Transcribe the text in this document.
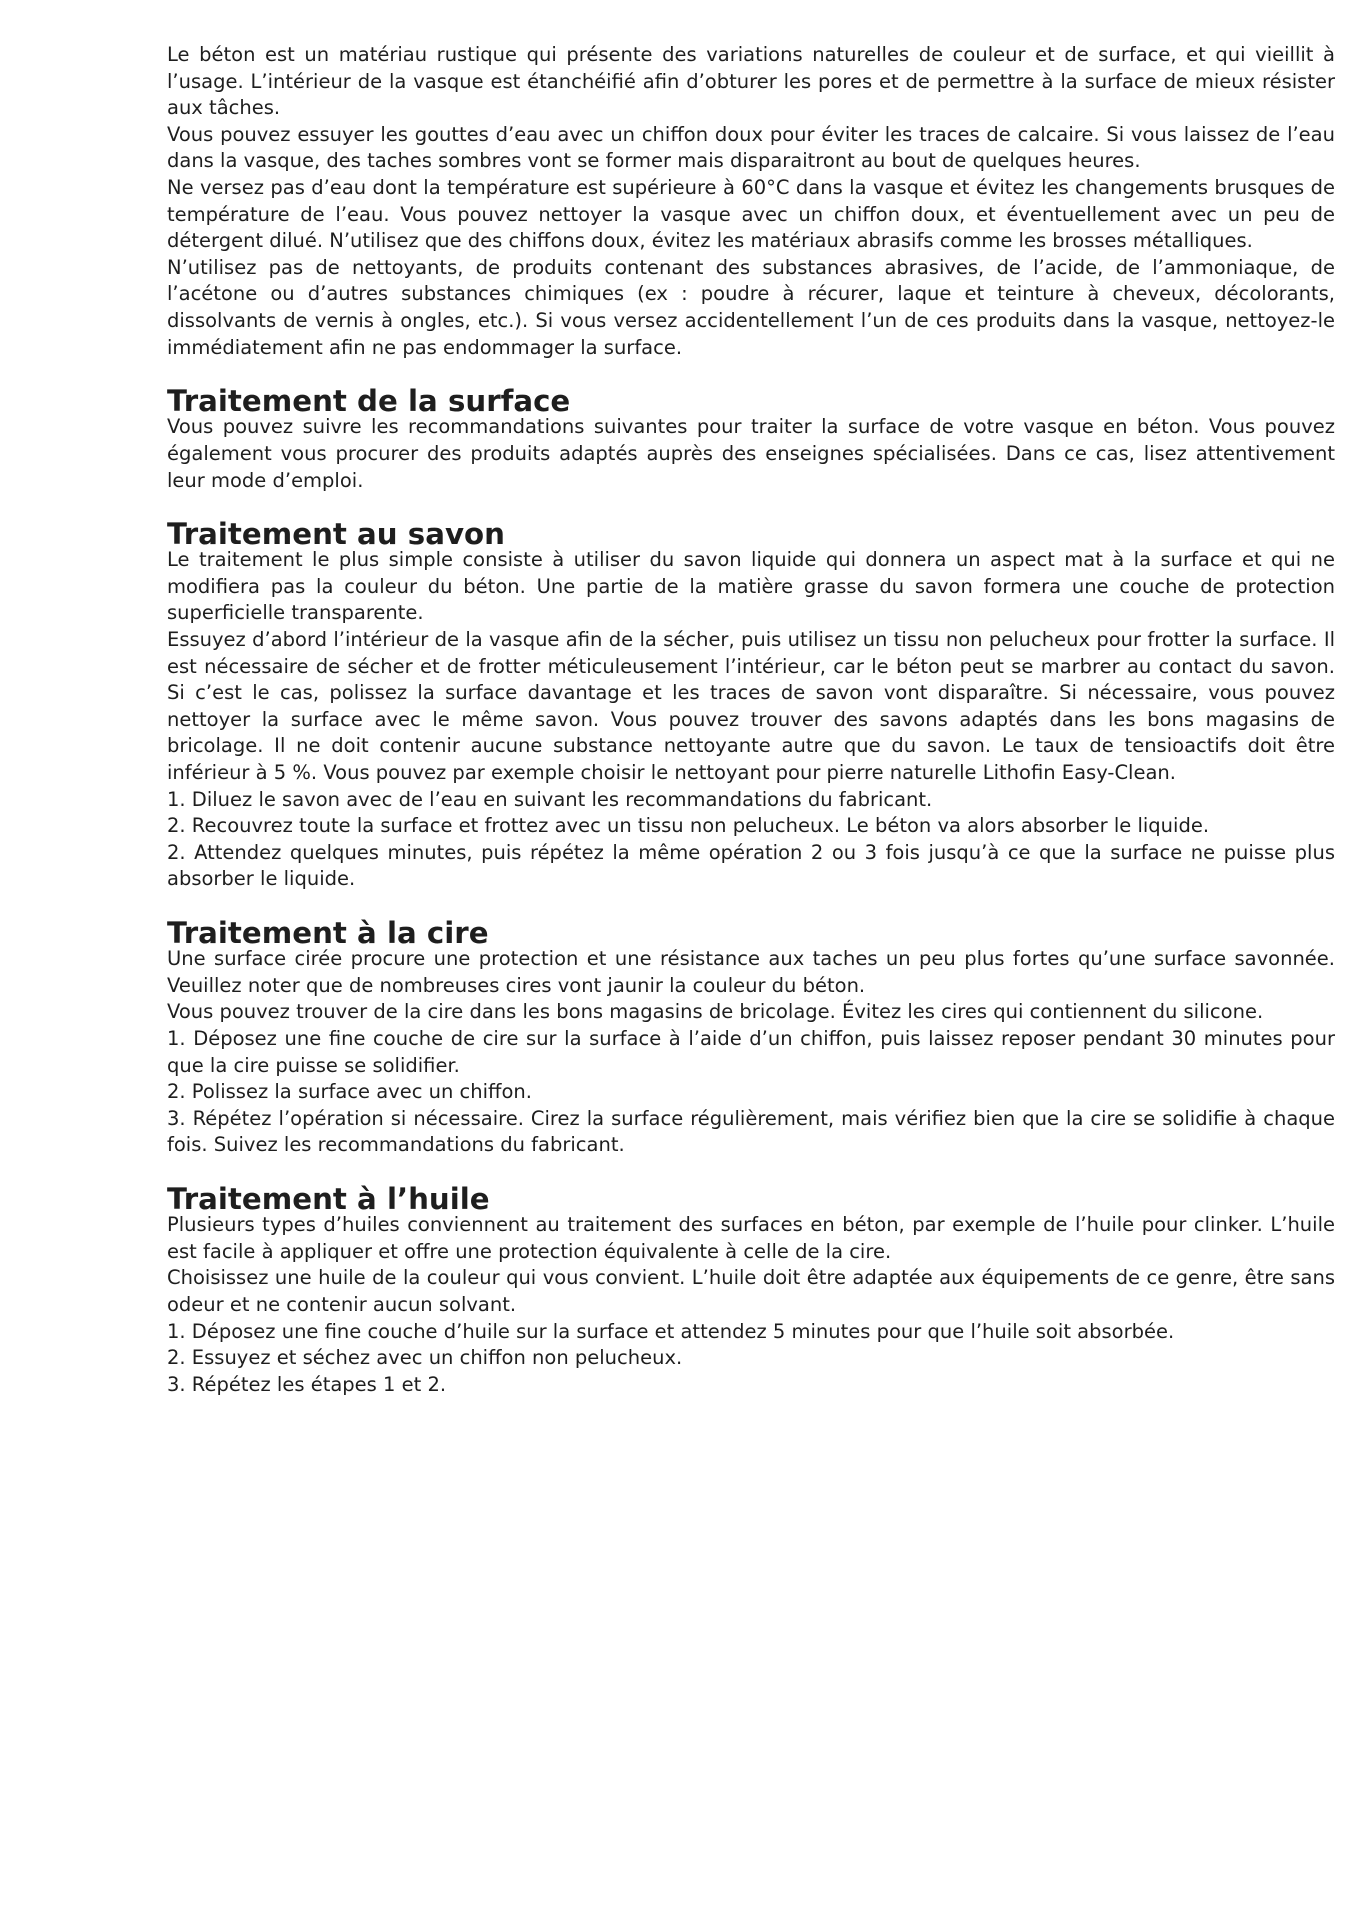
Le béton est un matériau rustique qui présente des variations naturelles de couleur et de surface, et qui vieillit à l’usage. L’intérieur de la vasque est étanchéifié afin d’obturer les pores et de permettre à la surface de mieux résister aux tâches.

Vous pouvez essuyer les gouttes d’eau avec un chiffon doux pour éviter les traces de calcaire. Si vous laissez de l’eau dans la vasque, des taches sombres vont se former mais disparaitront au bout de quelques heures.

Ne versez pas d’eau dont la température est supérieure à 60°C dans la vasque et évitez les changements brusques de température de l’eau. Vous pouvez nettoyer la vasque avec un chiffon doux, et éventuellement avec un peu de détergent dilué. N’utilisez que des chiffons doux, évitez les matériaux abrasifs comme les brosses métalliques.

N’utilisez pas de nettoyants, de produits contenant des substances abrasives, de l’acide, de l’ammoniaque, de l’acétone ou d’autres substances chimiques (ex : poudre à récurer, laque et teinture à cheveux, décolorants, dissolvants de vernis à ongles, etc.). Si vous versez accidentellement l’un de ces produits dans la vasque, nettoyez-le immédiatement afin ne pas endommager la surface.

Traitement de la surface

Vous pouvez suivre les recommandations suivantes pour traiter la surface de votre vasque en béton. Vous pouvez également vous procurer des produits adaptés auprès des enseignes spécialisées. Dans ce cas, lisez attentivement leur mode d’emploi.

Traitement au savon

Le traitement le plus simple consiste à utiliser du savon liquide qui donnera un aspect mat à la surface et qui ne modifiera pas la couleur du béton. Une partie de la matière grasse du savon formera une couche de protection superficielle transparente.

Essuyez d’abord l’intérieur de la vasque afin de la sécher, puis utilisez un tissu non pelucheux pour frotter la surface. Il est nécessaire de sécher et de frotter méticuleusement l’intérieur, car le béton peut se marbrer au contact du savon. Si c’est le cas, polissez la surface davantage et les traces de savon vont disparaître. Si nécessaire, vous pouvez nettoyer la surface avec le même savon. Vous pouvez trouver des savons adaptés dans les bons magasins de bricolage. Il ne doit contenir aucune substance nettoyante autre que du savon. Le taux de tensioactifs doit être inférieur à 5 %. Vous pouvez par exemple choisir le nettoyant pour pierre naturelle Lithofin Easy-Clean.

1. Diluez le savon avec de l’eau en suivant les recommandations du fabricant.

2. Recouvrez toute la surface et frottez avec un tissu non pelucheux. Le béton va alors absorber le liquide.

2. Attendez quelques minutes, puis répétez la même opération 2 ou 3 fois jusqu’à ce que la surface ne puisse plus absorber le liquide.

Traitement à la cire

Une surface cirée procure une protection et une résistance aux taches un peu plus fortes qu’une surface savonnée. Veuillez noter que de nombreuses cires vont jaunir la couleur du béton.

Vous pouvez trouver de la cire dans les bons magasins de bricolage. Évitez les cires qui contiennent du silicone.

1. Déposez une fine couche de cire sur la surface à l’aide d’un chiffon, puis laissez reposer pendant 30 minutes pour que la cire puisse se solidifier.

2. Polissez la surface avec un chiffon.

3. Répétez l’opération si nécessaire. Cirez la surface régulièrement, mais vérifiez bien que la cire se solidifie à chaque fois. Suivez les recommandations du fabricant.

Traitement à l’huile

Plusieurs types d’huiles conviennent au traitement des surfaces en béton, par exemple de l’huile pour clinker. L’huile est facile à appliquer et offre une protection équivalente à celle de la cire.

Choisissez une huile de la couleur qui vous convient. L’huile doit être adaptée aux équipements de ce genre, être sans odeur et ne contenir aucun solvant.

1. Déposez une fine couche d’huile sur la surface et attendez 5 minutes pour que l’huile soit absorbée.

2. Essuyez et séchez avec un chiffon non pelucheux.

3. Répétez les étapes 1 et 2.
